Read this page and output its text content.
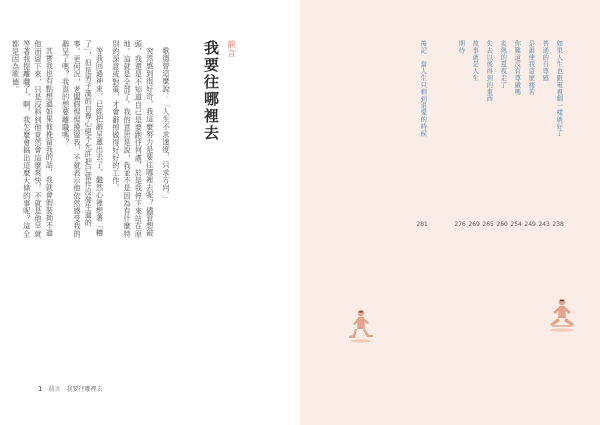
前言
我要往哪裡去

歌德曾這麼說：「人生不求速度，只求方向。」

突然感到很好奇，我這麼努力是要往哪裡去呢？儘管想破頭，我還是不知道自己是要跑往何處，於是我停下來站在原地。這就是全部了。我的意思是說，我並不是因為有什麼特別的深意或對策，才會辭掉做得好好的工作。

等我回過神來，已經把辭呈遞出去了，繼然心裡想著「糟了」，但是男子漢的自尊心絕不允許把已當作沒發生過的事。更何況，老闆假惺惺挽留我，不就表示他依然感受我的辭呈了嗎？我真的想要離職嗎？

其實我也有點想過如果他挽留我的話，我就會假裝拗不過他而留下來，只是沒料到他竟然會這麼爽快。不就是他早就等著我提離職了，啊，我怎麼會搞出這麼大條的事呢？這全都是因為歌德。

1 前言 我要往哪裡去
如果人生也跟電視劇一樣就好了
238
普通的自尊感
243
是誰使我這麼痛苦
249
你難道沒有尊嚴嗎
254
炙熱的夏夜走了
260
失去以後得到的東西
265
故事就是人生
269
期待
276
後記　當人生只剩到退愛的時候
281
